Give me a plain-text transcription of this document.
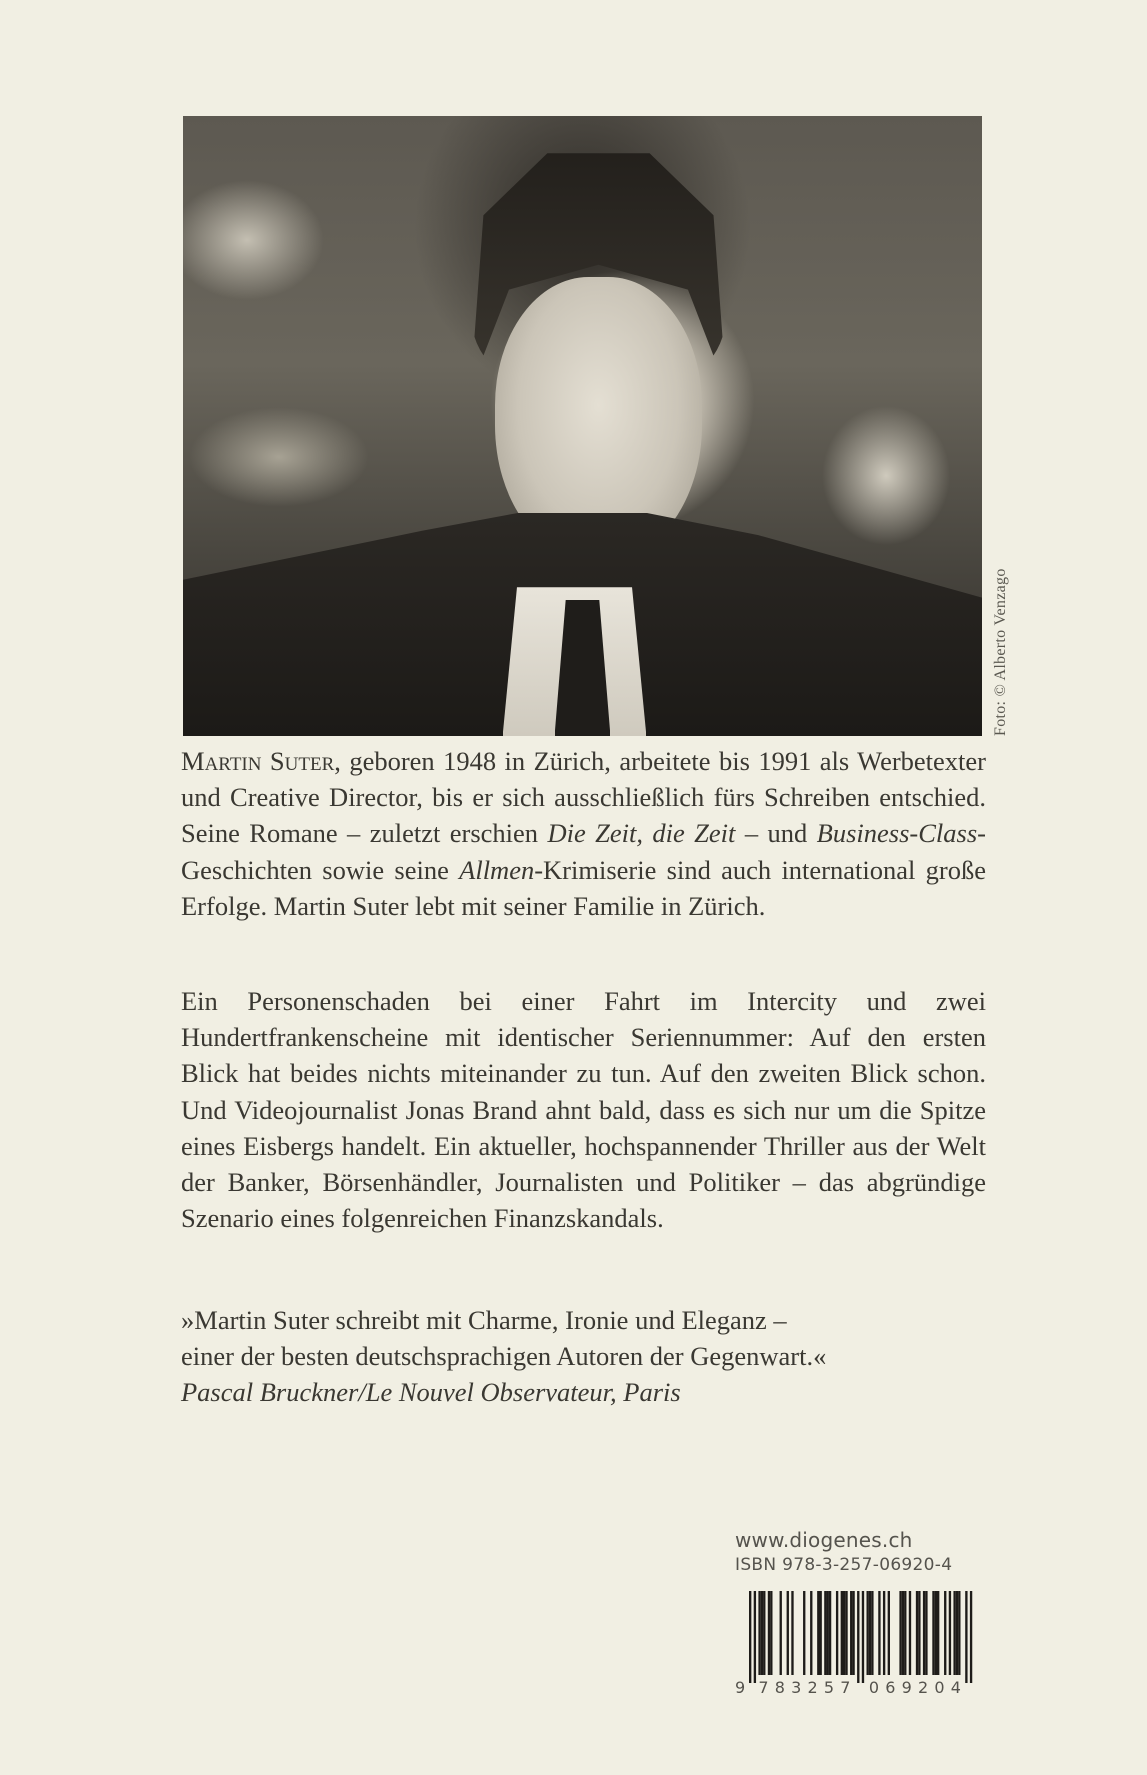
Foto: © Alberto Venzago

Martin Suter, geboren 1948 in Zürich, arbeitete bis 1991 als Werbetexter und Creative Director, bis er sich ausschließlich fürs Schreiben entschied. Seine Romane – zuletzt erschien Die Zeit, die Zeit – und Business-Class-Geschichten sowie seine Allmen-Krimiserie sind auch international große Erfolge. Martin Suter lebt mit seiner Familie in Zürich.

Ein Personenschaden bei einer Fahrt im Intercity und zwei Hundertfrankenscheine mit identischer Seriennummer: Auf den ersten Blick hat beides nichts miteinander zu tun. Auf den zweiten Blick schon. Und Videojournalist Jonas Brand ahnt bald, dass es sich nur um die Spitze eines Eisbergs handelt. Ein aktueller, hochspannender Thriller aus der Welt der Banker, Börsenhändler, Journalisten und Politiker – das abgründige Szenario eines folgenreichen Finanzskandals.

»Martin Suter schreibt mit Charme, Ironie und Eleganz –

einer der besten deutschsprachigen Autoren der Gegenwart.«

Pascal Bruckner/Le Nouvel Observateur, Paris

www.diogenes.ch
ISBN 978-3-257-06920-4
9 783257 069204
